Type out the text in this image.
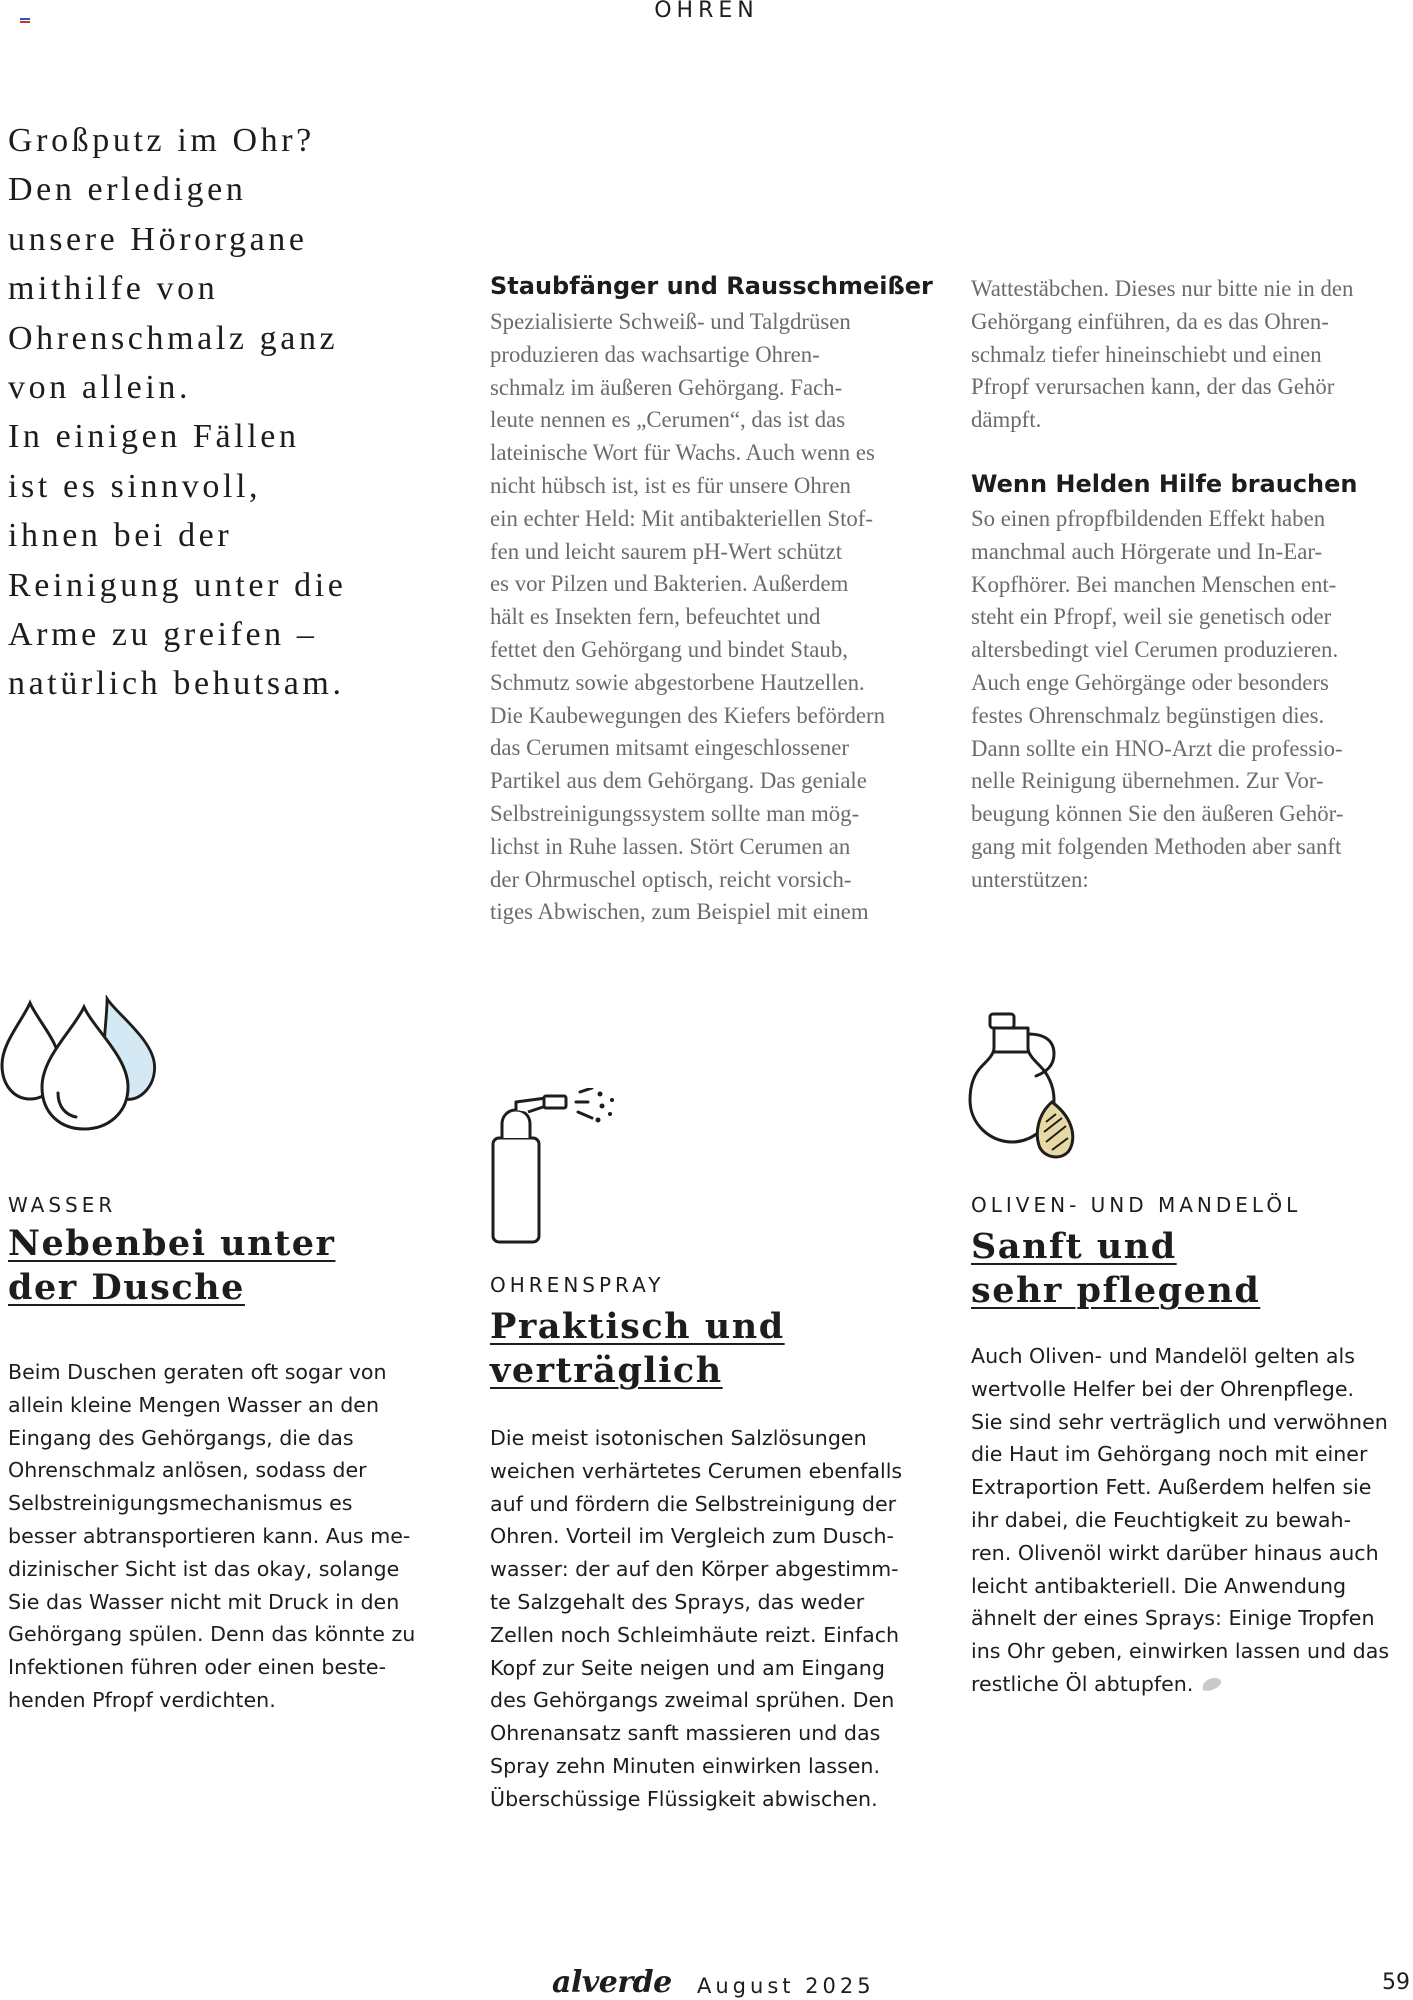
OHREN
Großputz im Ohr?
Den erledigen
unsere Hörorgane
mithilfe von
Ohrenschmalz ganz
von allein.
In einigen Fällen
ist es sinnvoll,
ihnen bei der
Reinigung unter die
Arme zu greifen –
natürlich behutsam.
Staubfänger und Rausschmeißer
Spezialisierte Schweiß- und Talgdrüsen
produzieren das wachsartige Ohren-
schmalz im äußeren Gehörgang. Fach-
leute nennen es „Cerumen“, das ist das
lateinische Wort für Wachs. Auch wenn es
nicht hübsch ist, ist es für unsere Ohren
ein echter Held: Mit antibakteriellen Stof-
fen und leicht saurem pH-Wert schützt
es vor Pilzen und Bakterien. Außerdem
hält es Insekten fern, befeuchtet und
fettet den Gehörgang und bindet Staub,
Schmutz sowie abgestorbene Hautzellen.
Die Kaubewegungen des Kiefers befördern
das Cerumen mitsamt eingeschlossener
Partikel aus dem Gehörgang. Das geniale
Selbstreinigungssystem sollte man mög-
lichst in Ruhe lassen. Stört Cerumen an
der Ohrmuschel optisch, reicht vorsich-
tiges Abwischen, zum Beispiel mit einem
Wattestäbchen. Dieses nur bitte nie in den
Gehörgang einführen, da es das Ohren-
schmalz tiefer hineinschiebt und einen
Pfropf verursachen kann, der das Gehör
dämpft.
Wenn Helden Hilfe brauchen
So einen pfropfbildenden Effekt haben
manchmal auch Hörgerate und In-Ear-
Kopfhörer. Bei manchen Menschen ent-
steht ein Pfropf, weil sie genetisch oder
altersbedingt viel Cerumen produzieren.
Auch enge Gehörgänge oder besonders
festes Ohrenschmalz begünstigen dies.
Dann sollte ein HNO-Arzt die professio-
nelle Reinigung übernehmen. Zur Vor-
beugung können Sie den äußeren Gehör-
gang mit folgenden Methoden aber sanft
unterstützen:
WASSER
Nebenbei unter
der Dusche
Beim Duschen geraten oft sogar von
allein kleine Mengen Wasser an den
Eingang des Gehörgangs, die das
Ohrenschmalz anlösen, sodass der
Selbstreinigungsmechanismus es
besser abtransportieren kann. Aus me-
dizinischer Sicht ist das okay, solange
Sie das Wasser nicht mit Druck in den
Gehörgang spülen. Denn das könnte zu
Infektionen führen oder einen beste-
henden Pfropf verdichten.
OHRENSPRAY
Praktisch und
verträglich
Die meist isotonischen Salzlösungen
weichen verhärtetes Cerumen ebenfalls
auf und fördern die Selbstreinigung der
Ohren. Vorteil im Vergleich zum Dusch-
wasser: der auf den Körper abgestimm-
te Salzgehalt des Sprays, das weder
Zellen noch Schleimhäute reizt. Einfach
Kopf zur Seite neigen und am Eingang
des Gehörgangs zweimal sprühen. Den
Ohrenansatz sanft massieren und das
Spray zehn Minuten einwirken lassen.
Überschüssige Flüssigkeit abwischen.
OLIVEN- UND MANDELÖL
Sanft und
sehr pflegend
Auch Oliven- und Mandelöl gelten als
wertvolle Helfer bei der Ohrenpflege.
Sie sind sehr verträglich und verwöhnen
die Haut im Gehörgang noch mit einer
Extraportion Fett. Außerdem helfen sie
ihr dabei, die Feuchtigkeit zu bewah-
ren. Olivenöl wirkt darüber hinaus auch
leicht antibakteriell. Die Anwendung
ähnelt der eines Sprays: Einige Tropfen
ins Ohr geben, einwirken lassen und das
restliche Öl abtupfen.
alverde August 2025	59
